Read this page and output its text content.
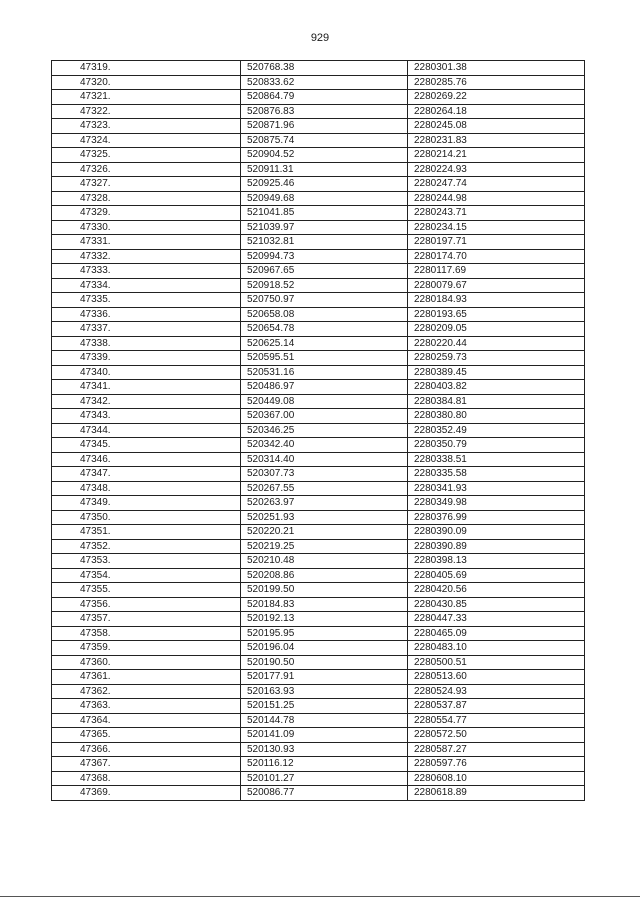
929
47319.	520768.38	2280301.38
47320.	520833.62	2280285.76
47321.	520864.79	2280269.22
47322.	520876.83	2280264.18
47323.	520871.96	2280245.08
47324.	520875.74	2280231.83
47325.	520904.52	2280214.21
47326.	520911.31	2280224.93
47327.	520925.46	2280247.74
47328.	520949.68	2280244.98
47329.	521041.85	2280243.71
47330.	521039.97	2280234.15
47331.	521032.81	2280197.71
47332.	520994.73	2280174.70
47333.	520967.65	2280117.69
47334.	520918.52	2280079.67
47335.	520750.97	2280184.93
47336.	520658.08	2280193.65
47337.	520654.78	2280209.05
47338.	520625.14	2280220.44
47339.	520595.51	2280259.73
47340.	520531.16	2280389.45
47341.	520486.97	2280403.82
47342.	520449.08	2280384.81
47343.	520367.00	2280380.80
47344.	520346.25	2280352.49
47345.	520342.40	2280350.79
47346.	520314.40	2280338.51
47347.	520307.73	2280335.58
47348.	520267.55	2280341.93
47349.	520263.97	2280349.98
47350.	520251.93	2280376.99
47351.	520220.21	2280390.09
47352.	520219.25	2280390.89
47353.	520210.48	2280398.13
47354.	520208.86	2280405.69
47355.	520199.50	2280420.56
47356.	520184.83	2280430.85
47357.	520192.13	2280447.33
47358.	520195.95	2280465.09
47359.	520196.04	2280483.10
47360.	520190.50	2280500.51
47361.	520177.91	2280513.60
47362.	520163.93	2280524.93
47363.	520151.25	2280537.87
47364.	520144.78	2280554.77
47365.	520141.09	2280572.50
47366.	520130.93	2280587.27
47367.	520116.12	2280597.76
47368.	520101.27	2280608.10
47369.	520086.77	2280618.89
